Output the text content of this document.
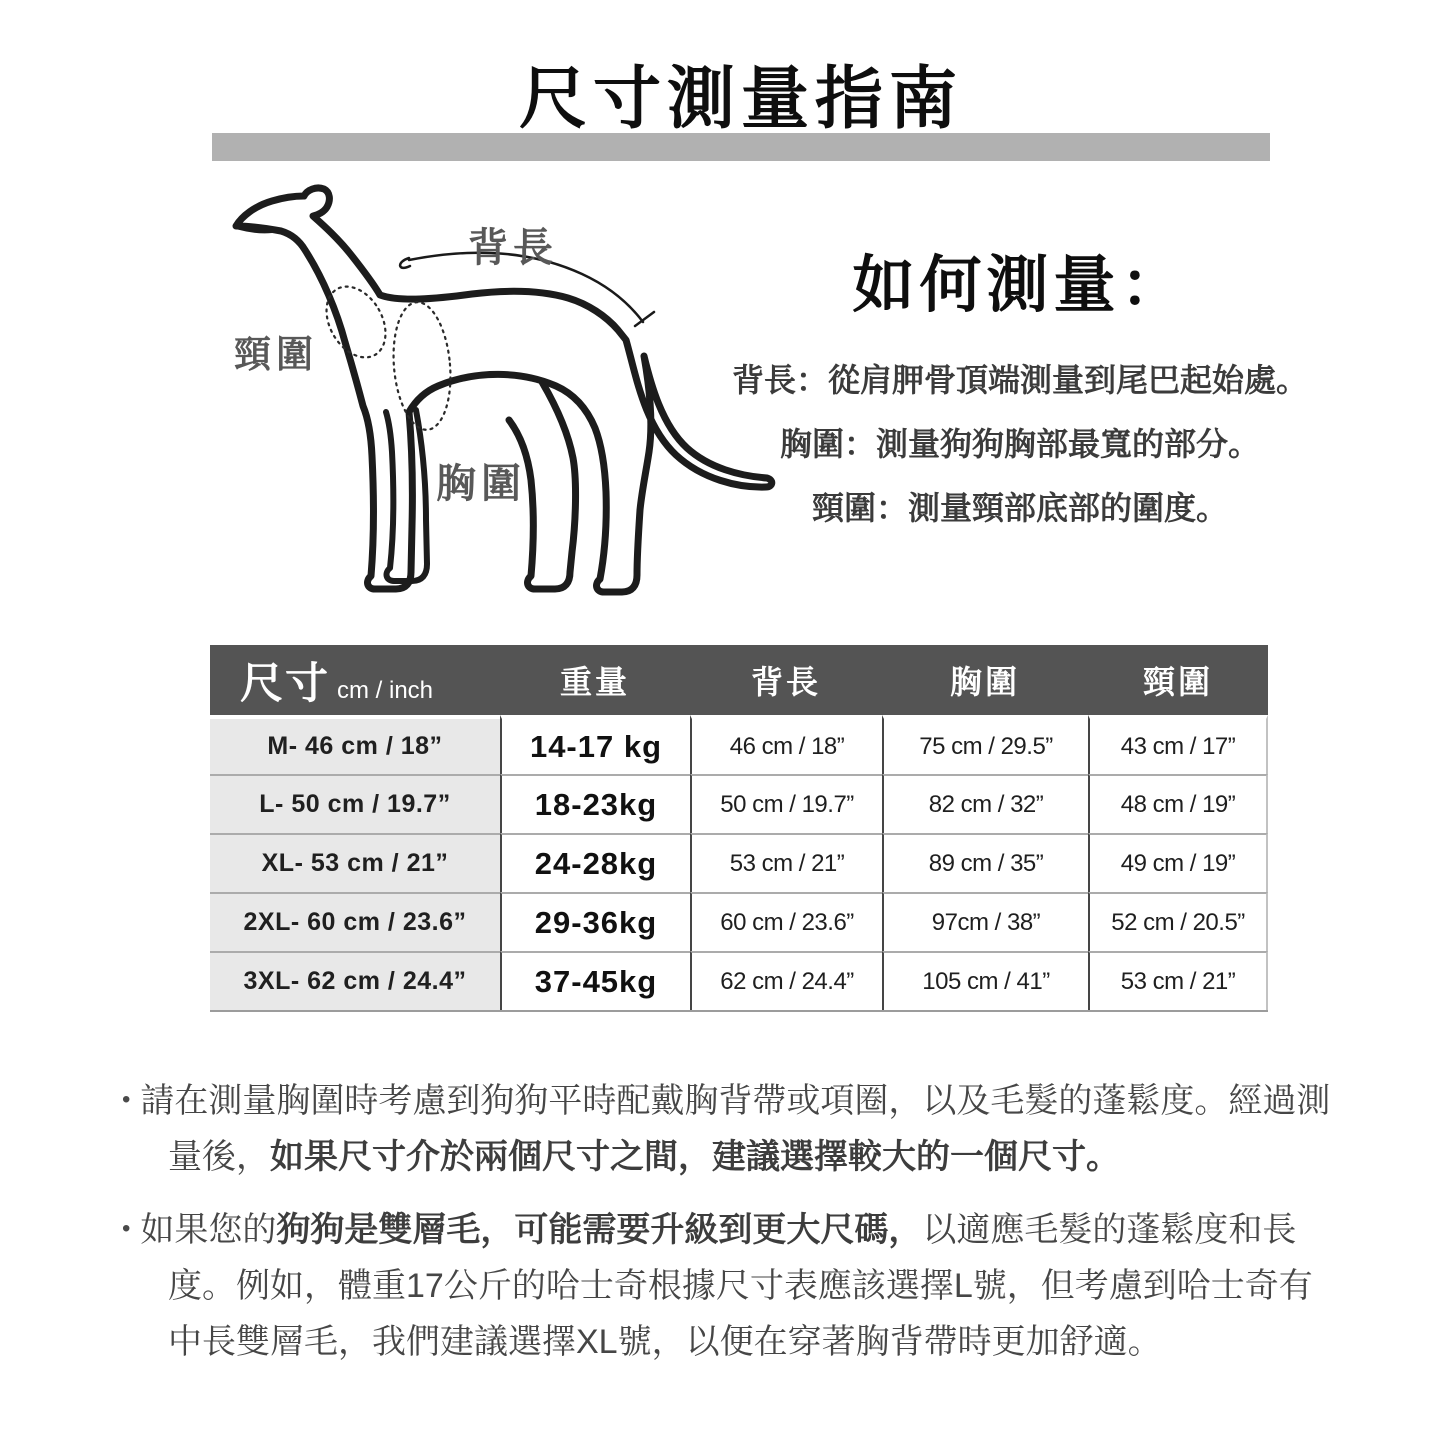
尺寸測量指南
背長
頸圍
胸圍
如何測量：
背長：從肩胛骨頂端測量到尾巴起始處。
胸圍：測量狗狗胸部最寬的部分。
頸圍：測量頸部底部的圍度。
尺寸 cm / inch	重量	背長	胸圍	頸圍
M- 46 cm / 18”	14-17 kg	46 cm / 18”	75 cm / 29.5”	43 cm / 17”
L- 50 cm / 19.7”	18-23kg	50 cm / 19.7”	82 cm / 32”	48 cm / 19”
XL- 53 cm / 21”	24-28kg	53 cm / 21”	89 cm / 35”	49 cm / 19”
2XL- 60 cm / 23.6”	29-36kg	60 cm / 23.6”	97cm / 38”	52 cm / 20.5”
3XL- 62 cm / 24.4”	37-45kg	62 cm / 24.4”	105 cm / 41”	53 cm / 21”

• 請在測量胸圍時考慮到狗狗平時配戴胸背帶或項圈，以及毛髮的蓬鬆度。經過測量後，如果尺寸介於兩個尺寸之間，建議選擇較大的一個尺寸。

• 如果您的狗狗是雙層毛，可能需要升級到更大尺碼，以適應毛髮的蓬鬆度和長度。例如，體重17公斤的哈士奇根據尺寸表應該選擇L號，但考慮到哈士奇有中長雙層毛，我們建議選擇XL號，以便在穿著胸背帶時更加舒適。
